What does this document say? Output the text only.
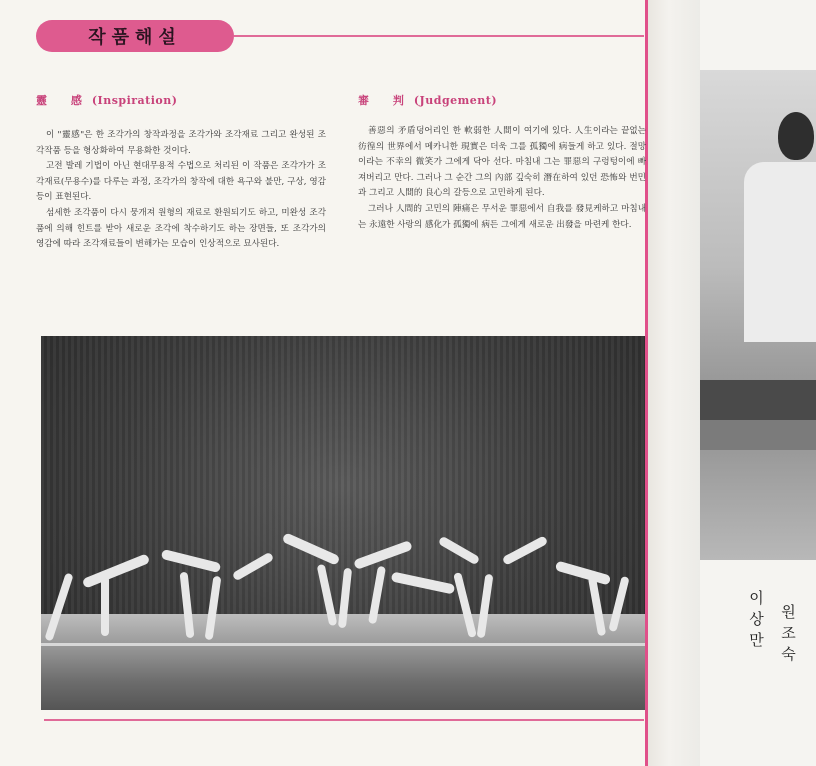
작품해설
靈 感(Inspiration)

이 "靈感"은 한 조각가의 창작과정을 조각가와 조각재료 그리고 완성된 조각작품 등을 형상화하여 무용화한 것이다.

고전 발레 기법이 아닌 현대무용적 수법으로 처리된 이 작품은 조각가가 조각재료(무용수)를 다루는 과정, 조각가의 창작에 대한 욕구와 불만, 구상, 영감 등이 표현된다.

섬세한 조각품이 다시 뭉개져 원형의 재료로 환원되기도 하고, 미완성 조각품에 의해 힌트를 받아 새로운 조각에 착수하기도 하는 장면들, 또 조각가의 영감에 따라 조각재료들이 변해가는 모습이 인상적으로 묘사된다.

審 判(Judgement)

善惡의 矛盾덩어리인 한 軟弱한 人間이 여기에 있다. 人生이라는 끝없는 彷徨의 世界에서 메카니한 現實은 더욱 그를 孤獨에 病들게 하고 있다. 절망이라는 不幸의 微笑가 그에게 닥아 선다. 마침내 그는 罪惡의 구렁텅이에 빠져버리고 만다. 그러나 그 순간 그의 內部 깊숙히 潛在하여 있던 恐怖와 번민과 그리고 人間的 良心의 갈등으로 고민하게 된다.

그러나 人間的 고민의 陣痛은 무서운 罪惡에서 自我를 發見케하고 마침내는 永遠한 사랑의 感化가 孤獨에 病든 그에게 새로운 出發을 마련케 한다.

이상만 원조숙
